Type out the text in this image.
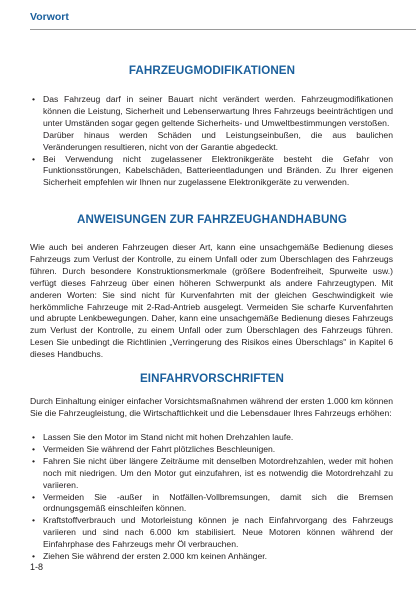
Vorwort
FAHRZEUGMODIFIKATIONEN
• Das Fahrzeug darf in seiner Bauart nicht verändert werden. Fahrzeugmodifikationen können die Leistung, Sicherheit und Lebenserwartung Ihres Fahrzeugs beeinträchtigen und unter Umständen sogar gegen geltende Sicherheits- und Umweltbestimmungen verstoßen.
Darüber hinaus werden Schäden und Leistungseinbußen, die aus baulichen Veränderungen resultieren, nicht von der Garantie abgedeckt.
• Bei Verwendung nicht zugelassener Elektronikgeräte besteht die Gefahr von Funktionsstörungen, Kabelschäden, Batterieentladungen und Bränden. Zu Ihrer eigenen Sicherheit empfehlen wir Ihnen nur zugelassene Elektronikgeräte zu verwenden.
ANWEISUNGEN ZUR FAHRZEUGHANDHABUNG

Wie auch bei anderen Fahrzeugen dieser Art, kann eine unsachgemäße Bedienung dieses Fahrzeugs zum Verlust der Kontrolle, zu einem Unfall oder zum Überschlagen des Fahrzeugs führen. Durch besondere Konstruktionsmerkmale (größere Bodenfreiheit, Spurweite usw.) verfügt dieses Fahrzeug über einen höheren Schwerpunkt als andere Fahrzeugtypen. Mit anderen Worten: Sie sind nicht für Kurvenfahrten mit der gleichen Geschwindigkeit wie herkömmliche Fahrzeuge mit 2-Rad-Antrieb ausgelegt. Vermeiden Sie scharfe Kurvenfahrten und abrupte Lenkbewegungen. Daher, kann eine unsachgemäße Bedienung dieses Fahrzeugs zum Verlust der Kontrolle, zu einem Unfall oder zum Überschlagen des Fahrzeugs führen. Lesen Sie unbedingt die Richtlinien „Verringerung des Risikos eines Überschlags" in Kapitel 6 dieses Handbuchs.

EINFAHRVORSCHRIFTEN

Durch Einhaltung einiger einfacher Vorsichtsmaßnahmen während der ersten 1.000 km können Sie die Fahrzeugleistung, die Wirtschaftlichkeit und die Lebensdauer Ihres Fahrzeugs erhöhen:

• Lassen Sie den Motor im Stand nicht mit hohen Drehzahlen laufe.
• Vermeiden Sie während der Fahrt plötzliches Beschleunigen.
• Fahren Sie nicht über längere Zeiträume mit denselben Motordrehzahlen, weder mit hohen noch mit niedrigen. Um den Motor gut einzufahren, ist es notwendig die Motordrehzahl zu variieren.
• Vermeiden Sie -außer in Notfällen-Vollbremsungen, damit sich die Bremsen ordnungsgemäß einschleifen können.
• Kraftstoffverbrauch und Motorleistung können je nach Einfahrvorgang des Fahrzeugs variieren und sind nach 6.000 km stabilisiert. Neue Motoren können während der Einfahrphase des Fahrzeugs mehr Öl verbrauchen.
• Ziehen Sie während der ersten 2.000 km keinen Anhänger.
1-8
